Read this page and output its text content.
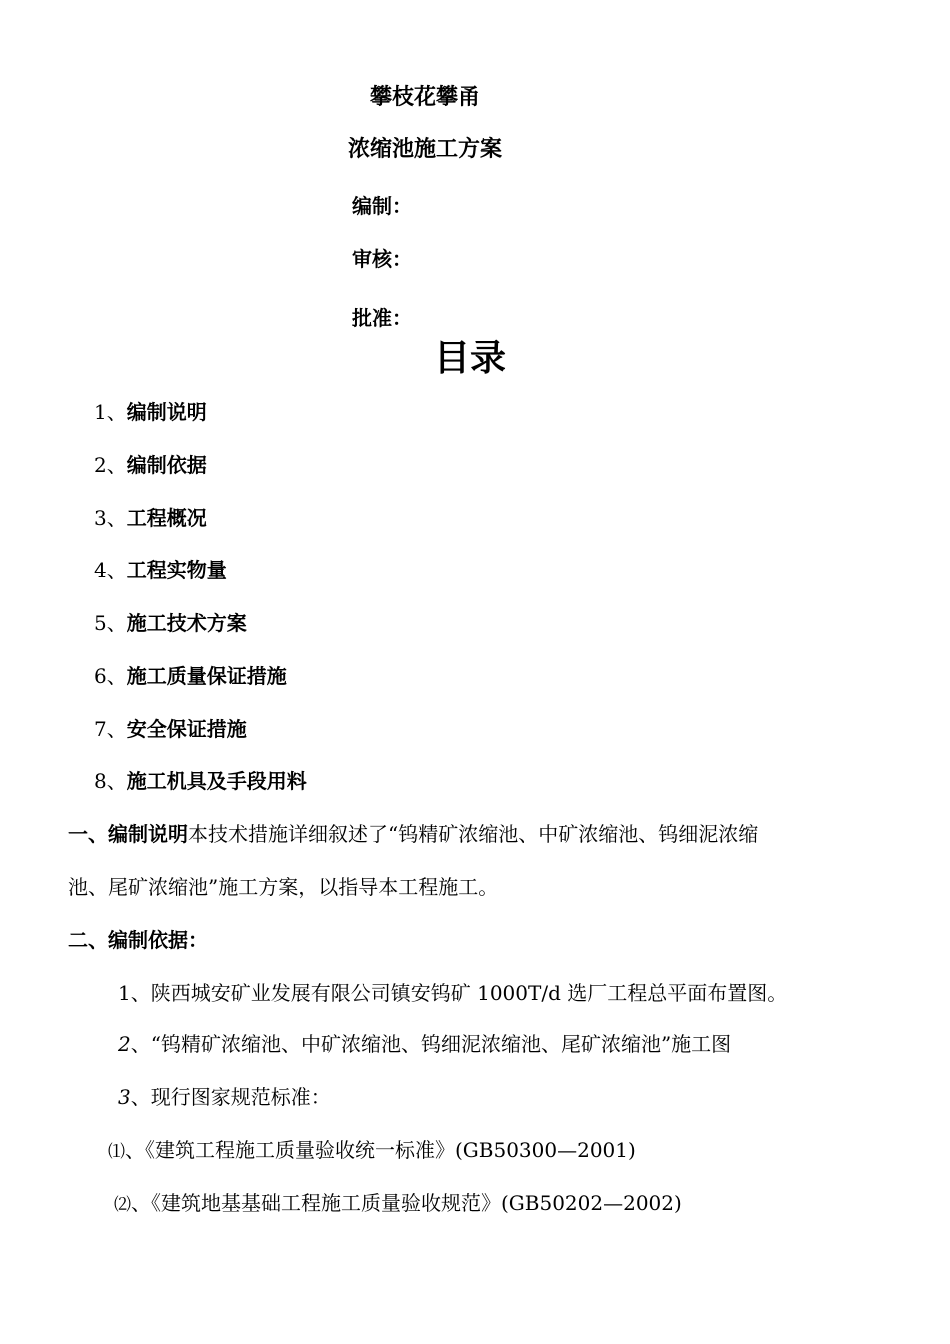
攀枝花攀甬
浓缩池施工方案
编制：
审核：
批准：
目录
1、编制说明
2、编制依据
3、工程概况
4、工程实物量
5、施工技术方案
6、施工质量保证措施
7、安全保证措施
8、施工机具及手段用料
一、编制说明本技术措施详细叙述了“钨精矿浓缩池、中矿浓缩池、钨细泥浓缩
池、尾矿浓缩池”施工方案，以指导本工程施工。
二、编制依据：
1、陕西城安矿业发展有限公司镇安钨矿 1000T/d 选厂工程总平面布置图。
2、“钨精矿浓缩池、中矿浓缩池、钨细泥浓缩池、尾矿浓缩池”施工图
3、现行图家规范标准：
⑴、《建筑工程施工质量验收统一标准》(GB50300—2001)
⑵、《建筑地基基础工程施工质量验收规范》(GB50202—2002)
